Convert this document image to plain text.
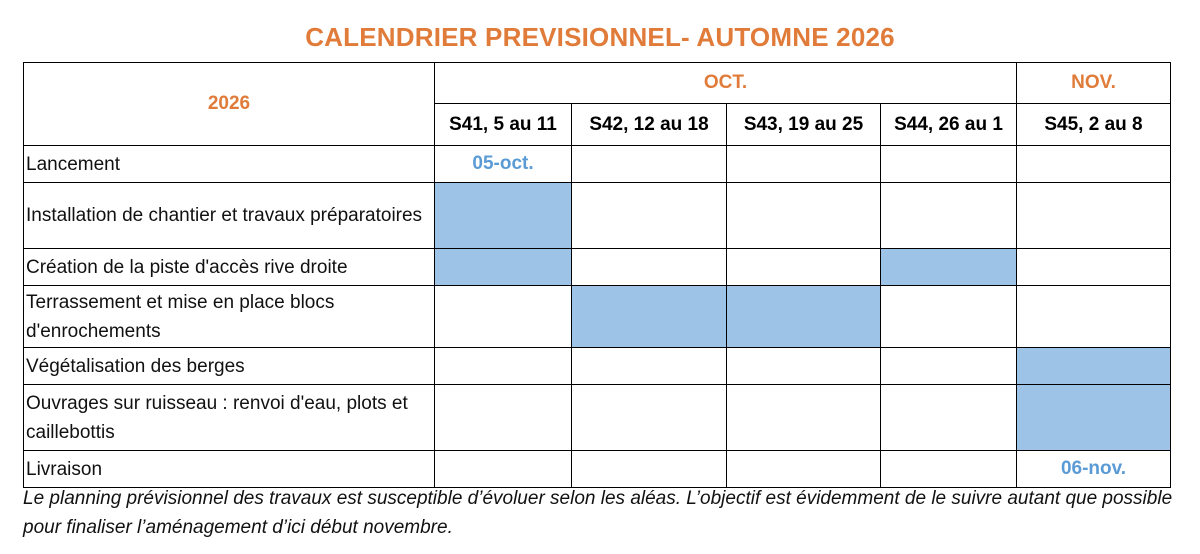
CALENDRIER PREVISIONNEL- AUTOMNE 2026
2026	OCT.				NOV.
	S41, 5 au 11	S42, 12 au 18	S43, 19 au 25	S44, 26 au 1	S45, 2 au 8
Lancement	05-oct.				
Installation de chantier et travaux préparatoires					
Création de la piste d'accès rive droite					
Terrassement et mise en place blocs d'enrochements					
Végétalisation des berges					
Ouvrages sur ruisseau : renvoi d'eau, plots et caillebottis					
Livraison					06-nov.
Le planning prévisionnel des travaux est susceptible d’évoluer selon les aléas. L’objectif est évidemment de le suivre autant que possible pour finaliser l’aménagement d’ici début novembre.
